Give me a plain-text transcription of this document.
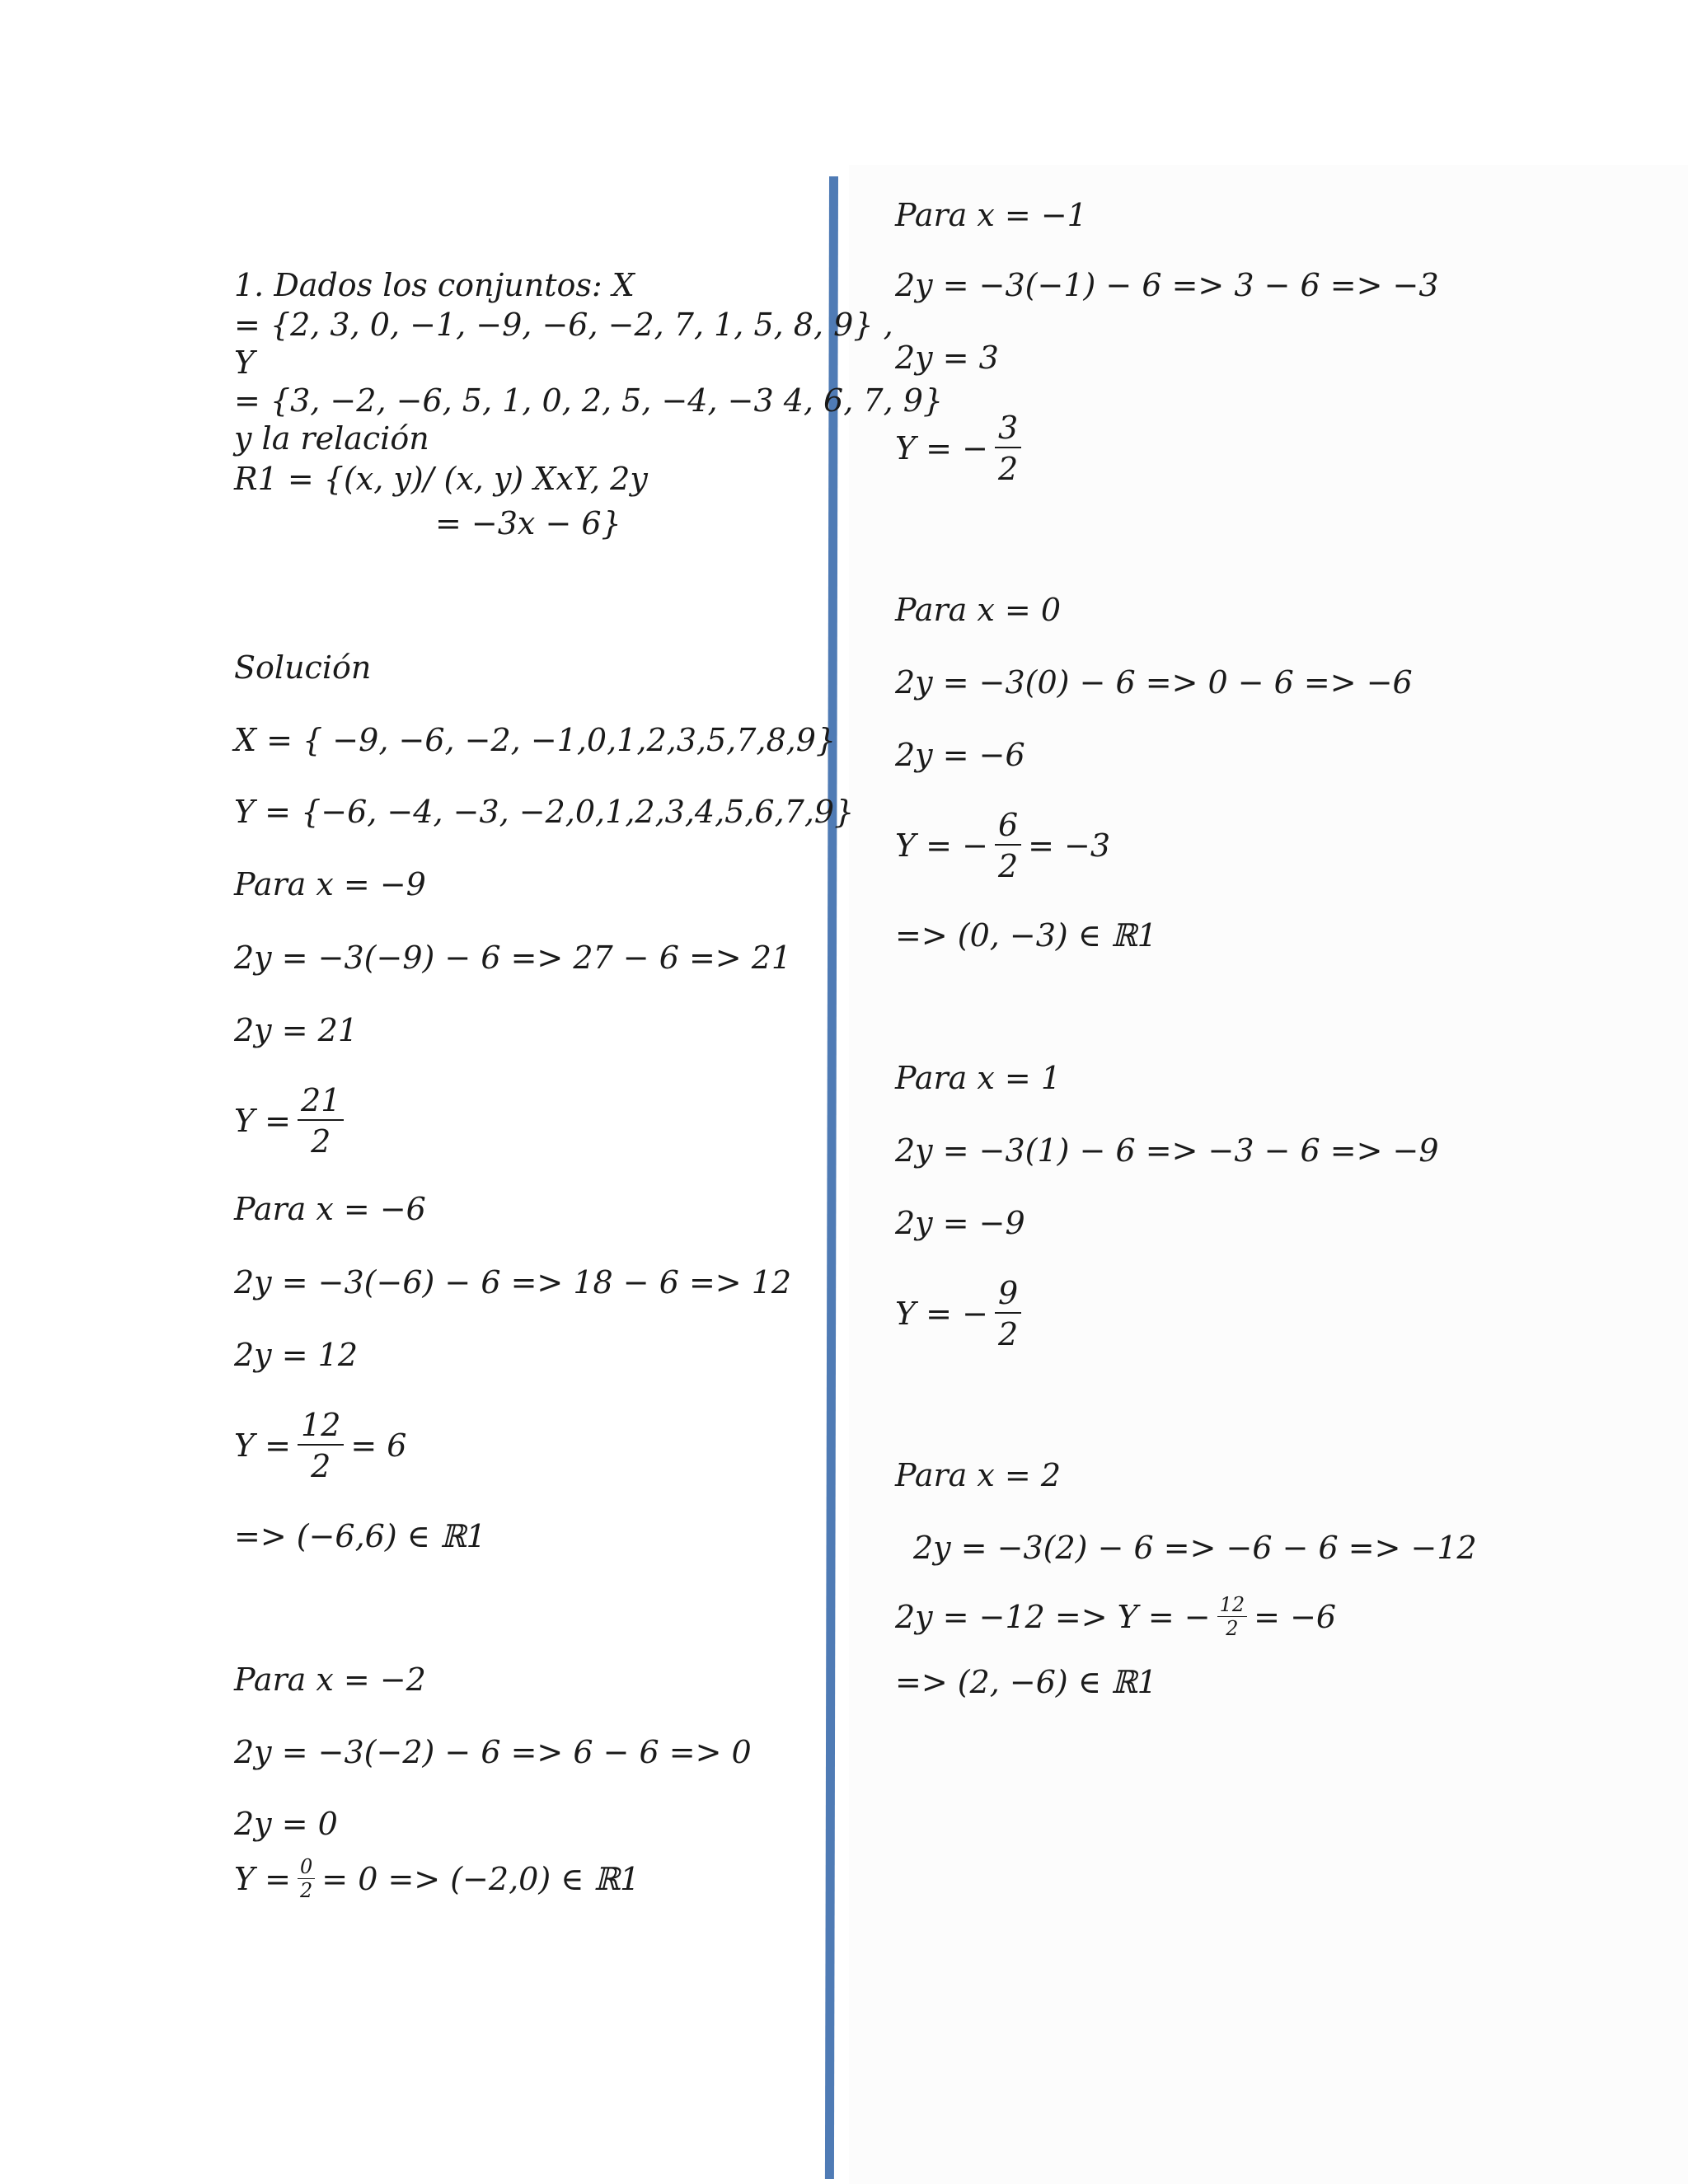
1. Dados los conjuntos: X
= {2, 3, 0, −1, −9, −6, −2, 7, 1, 5, 8, 9} ,
Y
= {3, −2, −6, 5, 1, 0, 2, 5, −4, −3 4, 6, 7, 9}
y la relación
R1 = {(x, y)/ (x, y) XxY, 2y
= −3x − 6}
Solución
X = { −9, −6, −2, −1,0,1,2,3,5,7,8,9}
Y = {−6, −4, −3, −2,0,1,2,3,4,5,6,7,9}
Para x = −9
2y = −3(−9) − 6 => 27 − 6 => 21
2y = 21
$Y = \frac{21}{2}$
Para x = −6
2y = −3(−6) − 6 => 18 − 6 => 12
2y = 12
$Y = \frac{12}{2} = 6$
=> (−6,6) ∈ ℝ1
Para x = −2
2y = −3(−2) − 6 => 6 − 6 => 0
2y = 0
$Y = \frac{0}{2} = 0 => (-2,0)$ ∈ ℝ1
Para x = −1
2y = −3(−1) − 6 => 3 − 6 => −3
2y = 3
Y = − $\frac{3}{2}$
Para x = 0
2y = −3(0) − 6 => 0 − 6 => −6
2y = −6
Y = − $\frac{6}{2} = -3$
=> (0, −3) ∈ ℝ1
Para x = 1
2y = −3(1) − 6 => −3 − 6 => −9
2y = −9
Y = − $\frac{9}{2}$
Para x = 2
2y = −3(2) − 6 => −6 − 6 => −12
2y = −12 => Y = − $\frac{12}{2} = -6$
=> (2, −6) ∈ ℝ1
